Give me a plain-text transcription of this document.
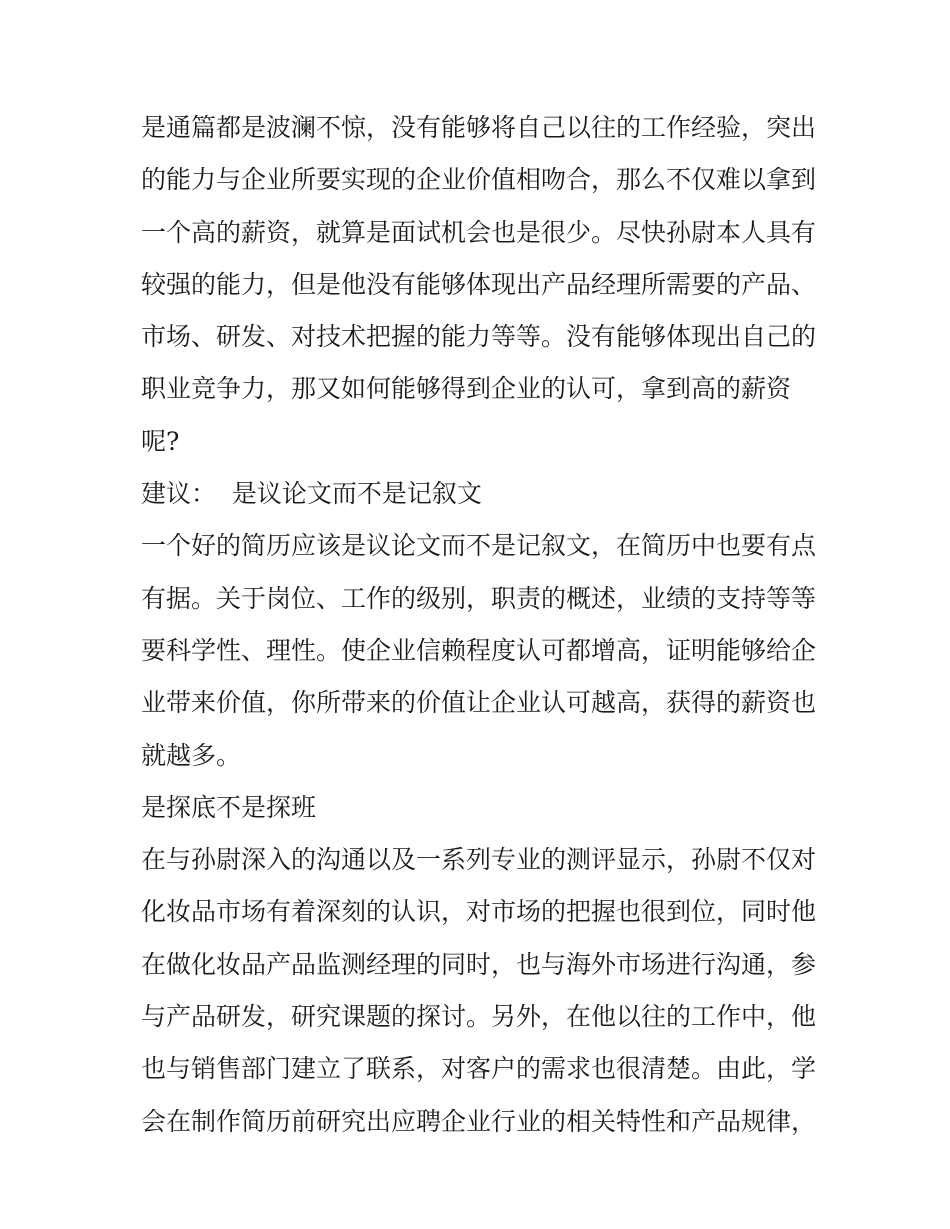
是通篇都是波澜不惊，没有能够将自己以往的工作经验，突出
的能力与企业所要实现的企业价值相吻合，那么不仅难以拿到
一个高的薪资，就算是面试机会也是很少。尽快孙尉本人具有
较强的能力，但是他没有能够体现出产品经理所需要的产品、
市场、研发、对技术把握的能力等等。没有能够体现出自己的
职业竞争力，那又如何能够得到企业的认可，拿到高的薪资
呢?
建议：  是议论文而不是记叙文
一个好的简历应该是议论文而不是记叙文，在简历中也要有点
有据。关于岗位、工作的级别，职责的概述，业绩的支持等等
要科学性、理性。使企业信赖程度认可都增高，证明能够给企
业带来价值，你所带来的价值让企业认可越高，获得的薪资也
就越多。
是探底不是探班
在与孙尉深入的沟通以及一系列专业的测评显示，孙尉不仅对
化妆品市场有着深刻的认识，对市场的把握也很到位，同时他
在做化妆品产品监测经理的同时，也与海外市场进行沟通，参
与产品研发，研究课题的探讨。另外，在他以往的工作中，他
也与销售部门建立了联系，对客户的需求也很清楚。由此，学
会在制作简历前研究出应聘企业行业的相关特性和产品规律，
